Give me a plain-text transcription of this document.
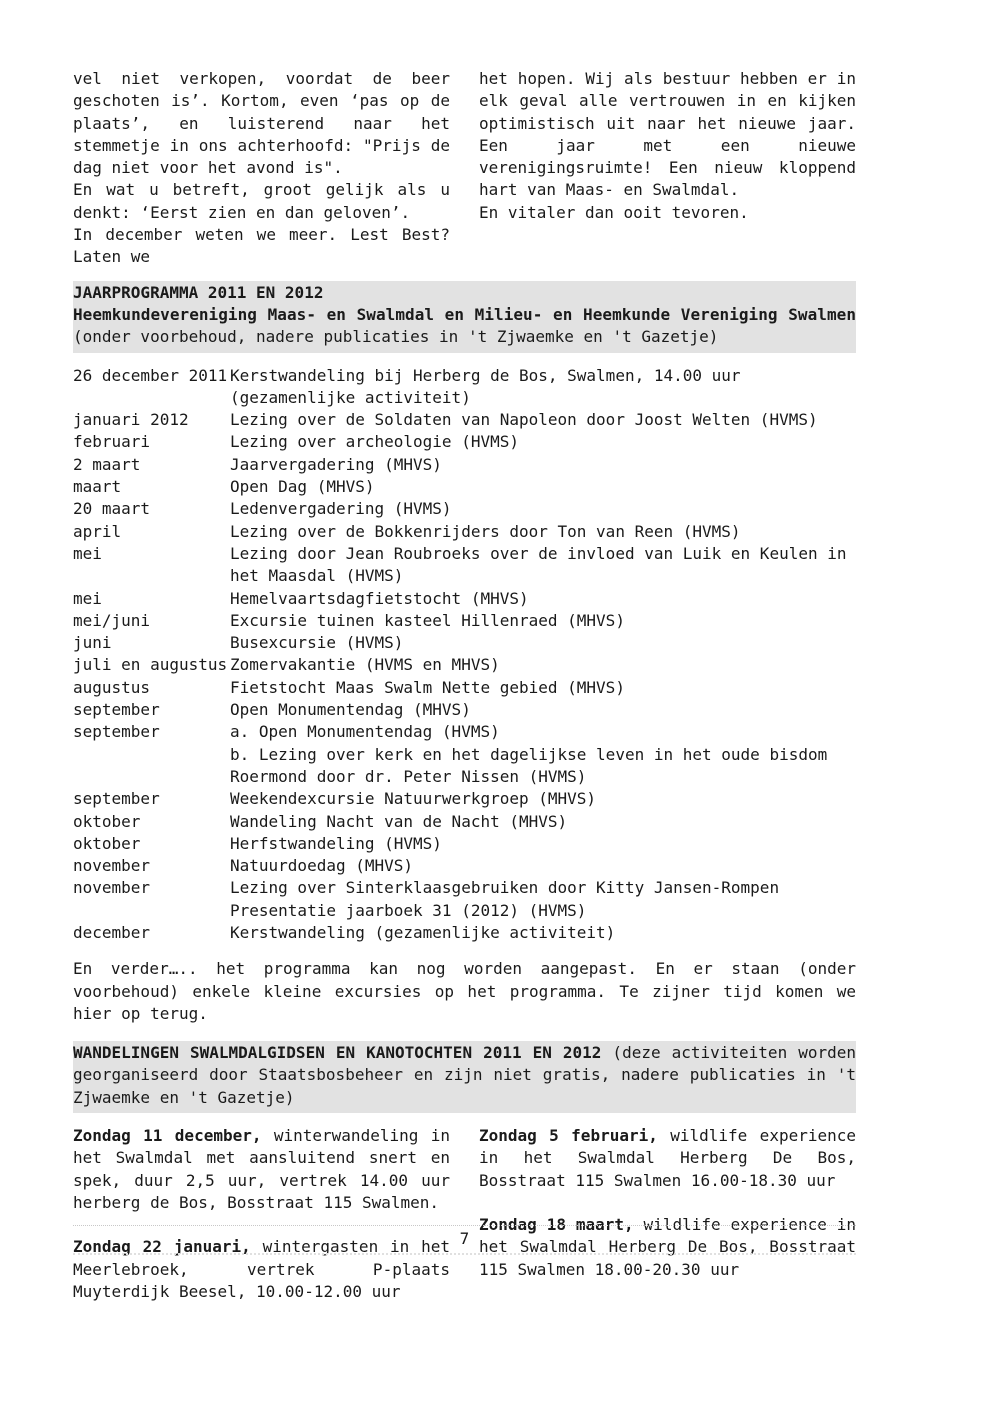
vel niet verkopen, voordat de beer geschoten is’. Kortom, even ‘pas op de plaats’, en luisterend naar het stemmetje in ons achterhoofd: "Prijs de dag niet voor het avond is".

En wat u betreft, groot gelijk als u denkt: ‘Eerst zien en dan geloven’.

In december weten we meer. Lest Best? Laten we

het hopen. Wij als bestuur hebben er in elk geval alle vertrouwen in en kijken optimistisch uit naar het nieuwe jaar. Een jaar met een nieuwe verenigingsruimte! Een nieuw kloppend hart van Maas- en Swalmdal.

En vitaler dan ooit tevoren.

JAARPROGRAMMA 2011 EN 2012
Heemkundevereniging Maas- en Swalmdal en Milieu- en Heemkunde Vereniging Swalmen
(onder voorbehoud, nadere publicaties in 't Zjwaemke en 't Gazetje)
26 december 2011	Kerstwandeling bij Herberg de Bos, Swalmen, 14.00 uur (gezamenlijke activiteit)
januari 2012	Lezing over de Soldaten van Napoleon door Joost Welten (HVMS)
februari	Lezing over archeologie (HVMS)
2 maart	Jaarvergadering (MHVS)
maart	Open Dag (MHVS)
20 maart	Ledenvergadering (HVMS)
april	Lezing over de Bokkenrijders door Ton van Reen (HVMS)
mei	Lezing door Jean Roubroeks over de invloed van Luik en Keulen in het Maasdal (HVMS)
mei	Hemelvaartsdagfietstocht (MHVS)
mei/juni	Excursie tuinen kasteel Hillenraed (MHVS)
juni	Busexcursie (HVMS)
juli en augustus	Zomervakantie (HVMS en MHVS)
augustus	Fietstocht Maas Swalm Nette gebied (MHVS)
september	Open Monumentendag (MHVS)
september	a. Open Monumentendag (HVMS)
	b. Lezing over kerk en het dagelijkse leven in het oude bisdom Roermond door dr. Peter Nissen (HVMS)
september	Weekendexcursie Natuurwerkgroep (MHVS)
oktober	Wandeling Nacht van de Nacht (MHVS)
oktober	Herfstwandeling (HVMS)
november	Natuurdoedag (MHVS)
november	Lezing over Sinterklaasgebruiken door Kitty Jansen-Rompen
	Presentatie jaarboek 31 (2012) (HVMS)
december	Kerstwandeling (gezamenlijke activiteit)

En verder….. het programma kan nog worden aangepast. En er staan (onder voorbehoud) enkele kleine excursies op het programma. Te zijner tijd komen we hier op terug.

WANDELINGEN SWALMDALGIDSEN EN KANOTOCHTEN 2011 EN 2012 (deze activiteiten worden georganiseerd door Staatsbosbeheer en zijn niet gratis, nadere publicaties in 't Zjwaemke en 't Gazetje)

Zondag 11 december, winterwandeling in het Swalmdal met aansluitend snert en spek, duur 2,5 uur, vertrek 14.00 uur herberg de Bos, Bosstraat 115 Swalmen.

Zondag 22 januari, wintergasten in het Meerlebroek, vertrek P-plaats Muyterdijk Beesel, 10.00-12.00 uur

Zondag 5 februari, wildlife experience in het Swalmdal Herberg De Bos, Bosstraat 115 Swalmen 16.00-18.30 uur

Zondag 18 maart, wildlife experience in het Swalmdal Herberg De Bos, Bosstraat 115 Swalmen 18.00-20.30 uur

7
